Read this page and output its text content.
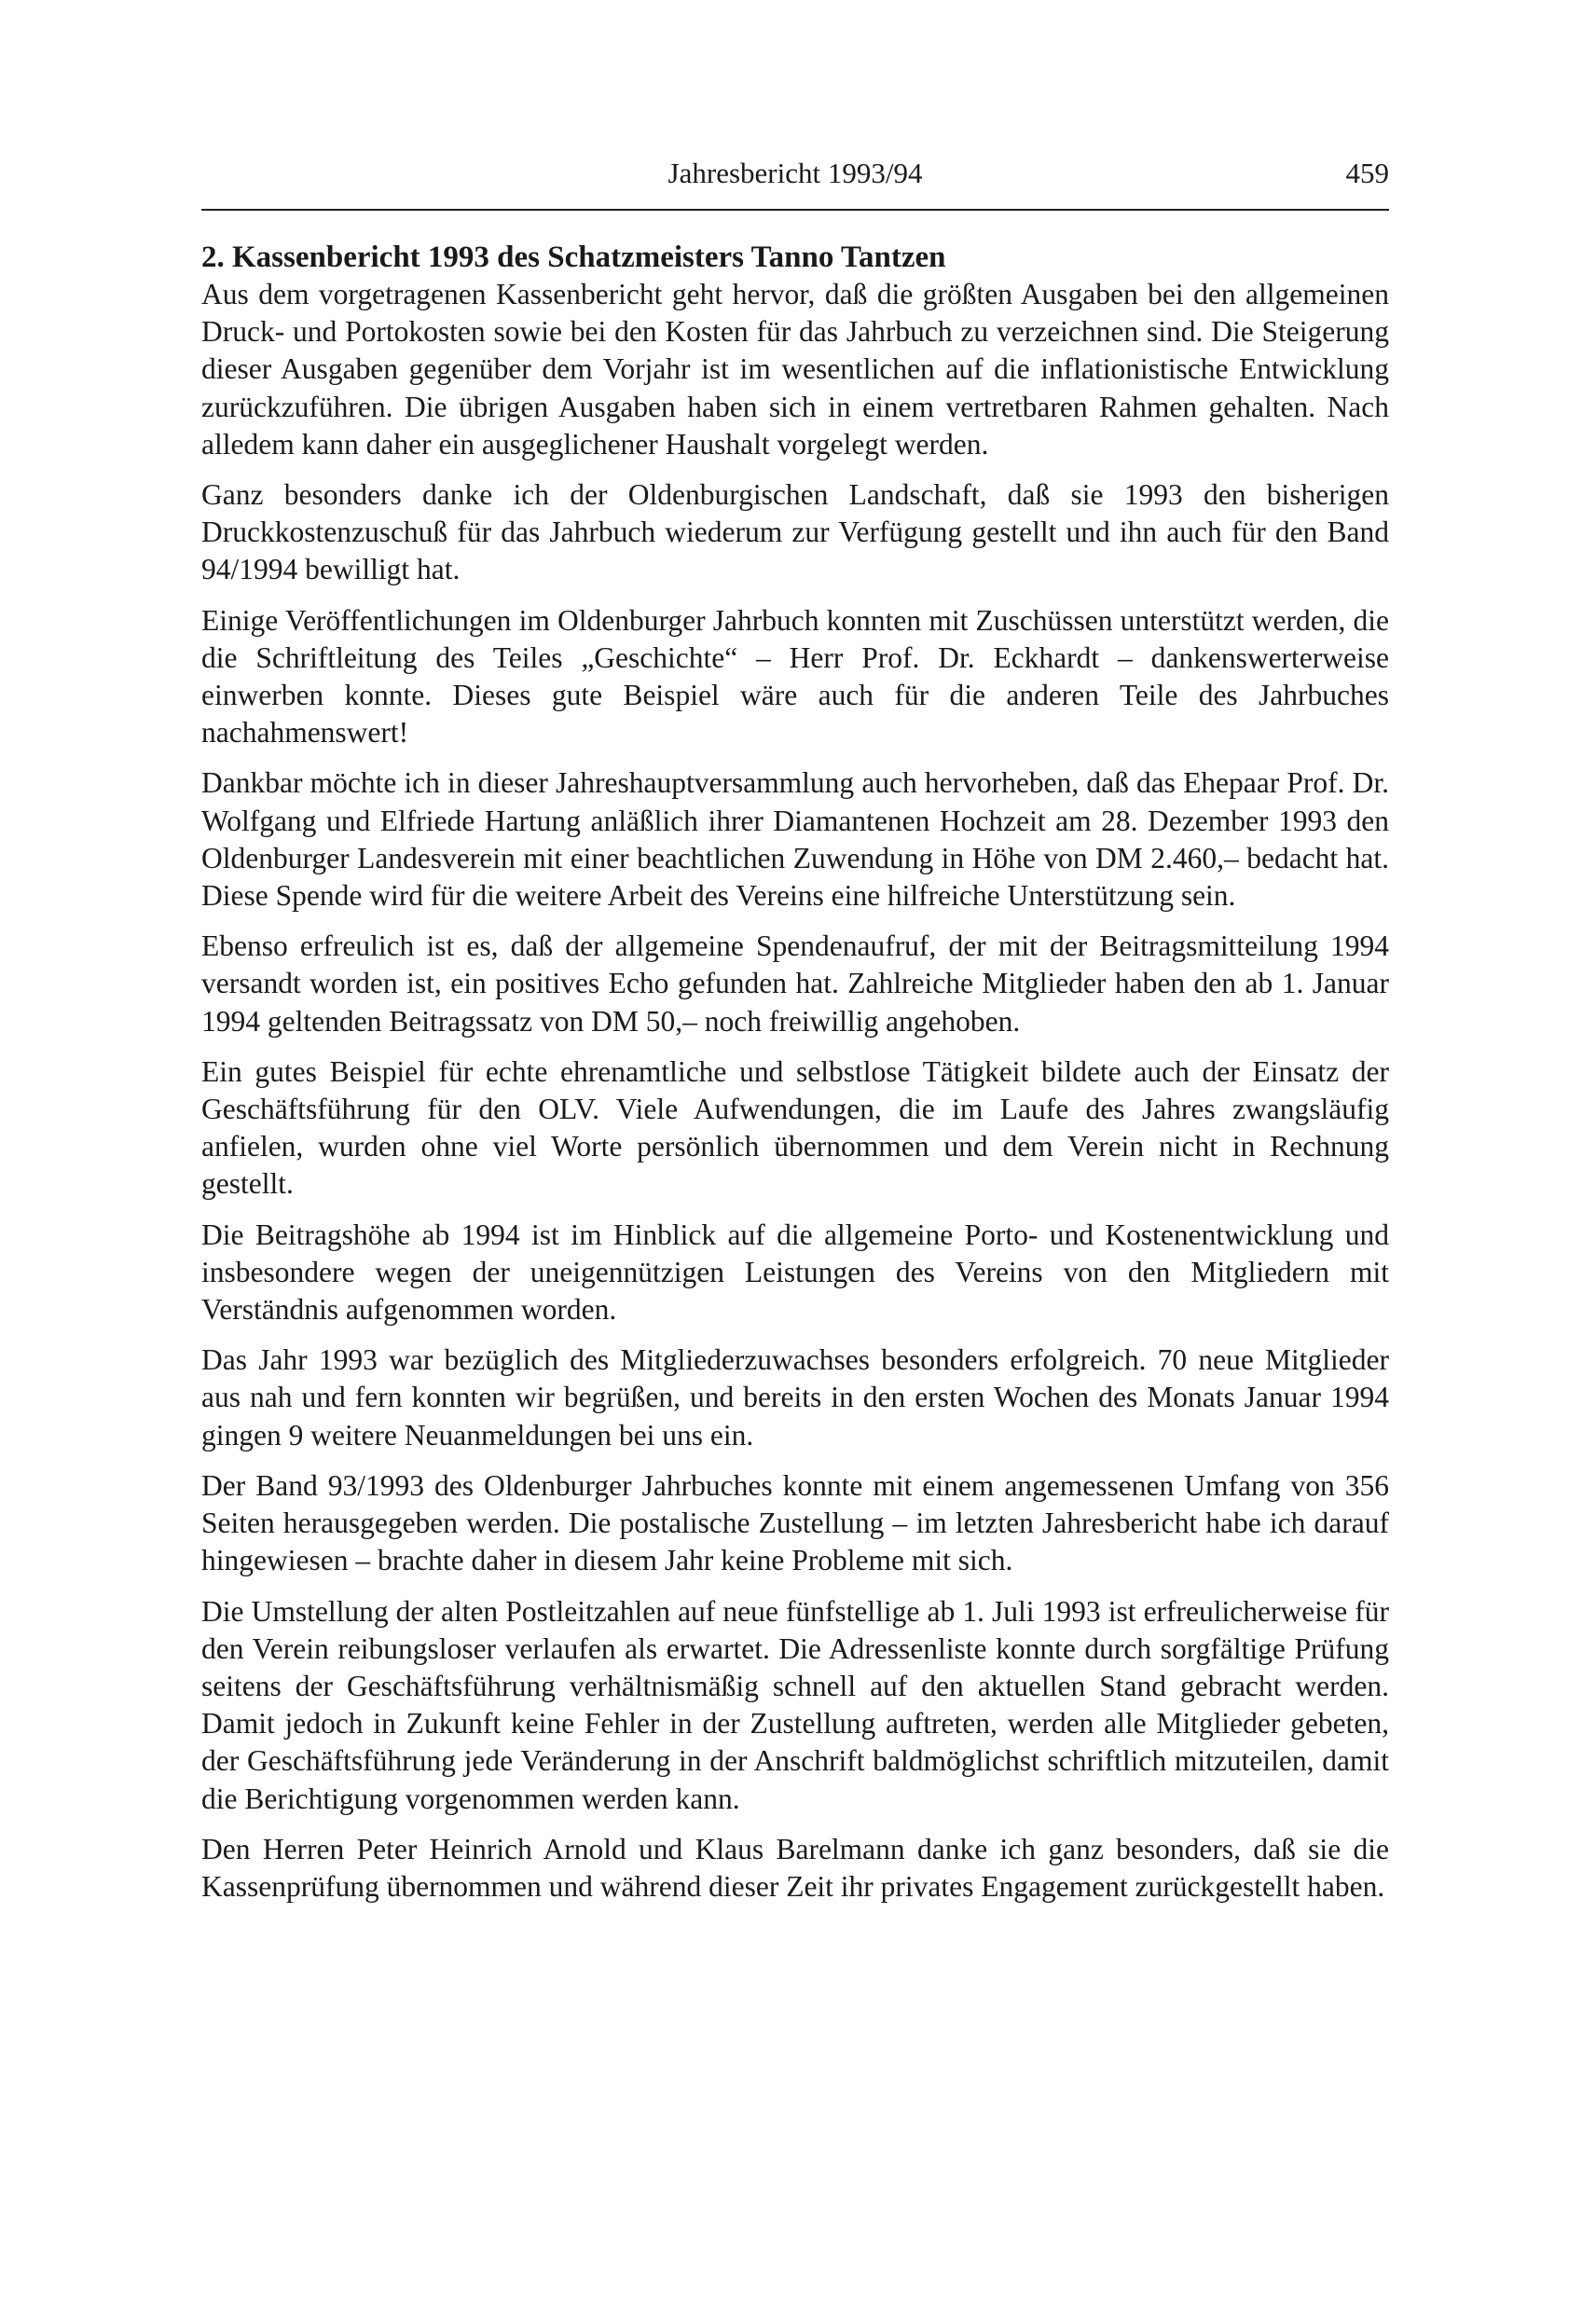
Jahresbericht 1993/94	459
2. Kassenbericht 1993 des Schatzmeisters Tanno Tantzen

Aus dem vorgetragenen Kassenbericht geht hervor, daß die größten Ausgaben bei den allgemeinen Druck- und Portokosten sowie bei den Kosten für das Jahrbuch zu verzeichnen sind. Die Steigerung dieser Ausgaben gegenüber dem Vorjahr ist im wesentlichen auf die inflationistische Entwicklung zurückzuführen. Die übrigen Ausgaben haben sich in einem vertretbaren Rahmen gehalten. Nach alledem kann daher ein ausgeglichener Haushalt vorgelegt werden.

Ganz besonders danke ich der Oldenburgischen Landschaft, daß sie 1993 den bisherigen Druckkostenzuschuß für das Jahrbuch wiederum zur Verfügung gestellt und ihn auch für den Band 94/1994 bewilligt hat.

Einige Veröffentlichungen im Oldenburger Jahrbuch konnten mit Zuschüssen unterstützt werden, die die Schriftleitung des Teiles „Geschichte“ – Herr Prof. Dr. Eckhardt – dankenswerterweise einwerben konnte. Dieses gute Beispiel wäre auch für die anderen Teile des Jahrbuches nachahmenswert!

Dankbar möchte ich in dieser Jahreshauptversammlung auch hervorheben, daß das Ehepaar Prof. Dr. Wolfgang und Elfriede Hartung anläßlich ihrer Diamantenen Hochzeit am 28. Dezember 1993 den Oldenburger Landesverein mit einer beachtlichen Zuwendung in Höhe von DM 2.460,– bedacht hat. Diese Spende wird für die weitere Arbeit des Vereins eine hilfreiche Unterstützung sein.

Ebenso erfreulich ist es, daß der allgemeine Spendenaufruf, der mit der Beitragsmitteilung 1994 versandt worden ist, ein positives Echo gefunden hat. Zahlreiche Mitglieder haben den ab 1. Januar 1994 geltenden Beitragssatz von DM 50,– noch freiwillig angehoben.

Ein gutes Beispiel für echte ehrenamtliche und selbstlose Tätigkeit bildete auch der Einsatz der Geschäftsführung für den OLV. Viele Aufwendungen, die im Laufe des Jahres zwangsläufig anfielen, wurden ohne viel Worte persönlich übernommen und dem Verein nicht in Rechnung gestellt.

Die Beitragshöhe ab 1994 ist im Hinblick auf die allgemeine Porto- und Kostenentwicklung und insbesondere wegen der uneigennützigen Leistungen des Vereins von den Mitgliedern mit Verständnis aufgenommen worden.

Das Jahr 1993 war bezüglich des Mitgliederzuwachses besonders erfolgreich. 70 neue Mitglieder aus nah und fern konnten wir begrüßen, und bereits in den ersten Wochen des Monats Januar 1994 gingen 9 weitere Neuanmeldungen bei uns ein.

Der Band 93/1993 des Oldenburger Jahrbuches konnte mit einem angemessenen Umfang von 356 Seiten herausgegeben werden. Die postalische Zustellung – im letzten Jahresbericht habe ich darauf hingewiesen – brachte daher in diesem Jahr keine Probleme mit sich.

Die Umstellung der alten Postleitzahlen auf neue fünfstellige ab 1. Juli 1993 ist erfreulicherweise für den Verein reibungsloser verlaufen als erwartet. Die Adressenliste konnte durch sorgfältige Prüfung seitens der Geschäftsführung verhältnismäßig schnell auf den aktuellen Stand gebracht werden. Damit jedoch in Zukunft keine Fehler in der Zustellung auftreten, werden alle Mitglieder gebeten, der Geschäftsführung jede Veränderung in der Anschrift baldmöglichst schriftlich mitzuteilen, damit die Berichtigung vorgenommen werden kann.

Den Herren Peter Heinrich Arnold und Klaus Barelmann danke ich ganz besonders, daß sie die Kassenprüfung übernommen und während dieser Zeit ihr privates Engagement zurückgestellt haben.
